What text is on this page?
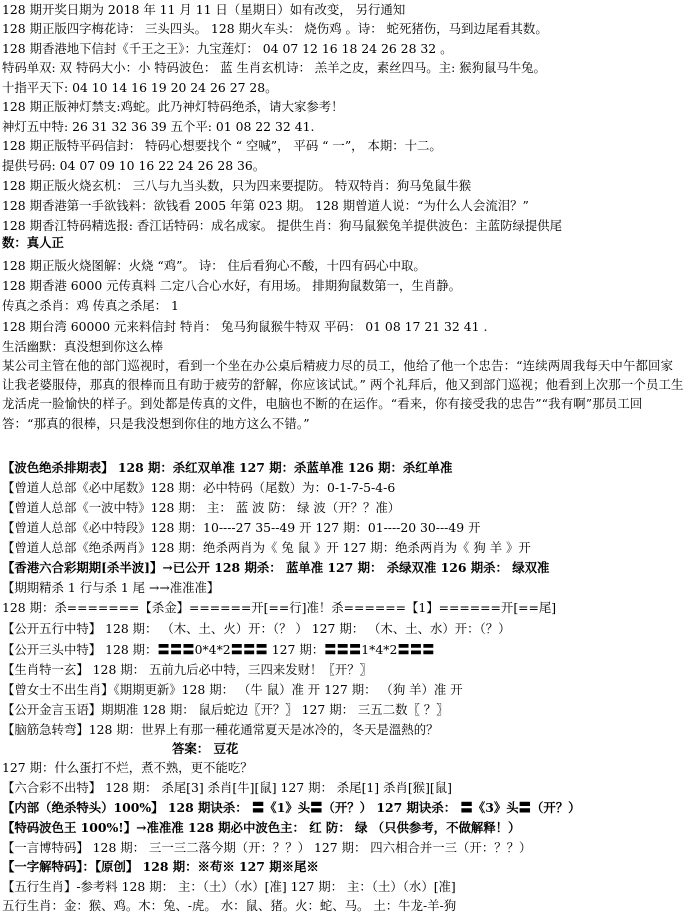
128 期开奖日期为 2018 年 11 月 11 日（星期日）如有改变， 另行通知
128 期正版四字梅花诗： 三头四头。 128 期火车头： 烧伤鸡 。诗： 蛇死猪伤，马到边尾看其数。
128 期香港地下信封《千王之王》：九宝莲灯： 04 07 12 16 18 24 26 28 32 。
特码单双: 双 特码大小：小 特码波色： 蓝 生肖玄机诗： 羔羊之皮，素丝四马。主: 猴狗鼠马牛兔。
十指平天下: 04 10 14 16 19 20 24 26 27 28。
128 期正版神灯禁支:鸡蛇。此乃神灯特码绝杀，请大家参考！
神灯五中特: 26 31 32 36 39 五个平: 01 08 22 32 41.
128 期正版特平码信封： 特码心想要找个 “ 空喊”， 平码 “ 一”， 本期：十二。
提供号码: 04 07 09 10 16 22 24 26 28 36。
128 期正版火烧玄机： 三八与九当头数，只为四来要提防。 特双特肖：狗马兔鼠牛猴
128 期香港第一手欲钱料：欲钱看 2005 年第 023 期。 128 期曾道人说：“为什么人会流泪？”
128 期香江特码精选报: 香江话特码：成名成家。 提供生肖：狗马鼠猴兔羊提供波色：主蓝防绿提供尾
数：真人正
128 期正版火烧图解：火烧 “鸡”。 诗： 住后看狗心不酸，十四有码心中取。
128 期香港 6000 元传真料 二定八合心水好，有用场。 排期狗鼠数第一，生肖静。
传真之杀肖：鸡 传真之杀尾： 1
128 期台湾 60000 元来料信封 特肖： 兔马狗鼠猴牛特双 平码： 01 08 17 21 32 41 .
生活幽默：真没想到你这么棒
某公司主管在他的部门巡视时，看到一个坐在办公桌后精疲力尽的员工，他给了他一个忠告：“连续两周我每天中午都回家让我老婆服侍，那真的很棒而且有助于疲劳的舒解，你应该试试。” 两个礼拜后，他又到部门巡视；他看到上次那一个员工生龙活虎一脸愉快的样子。到处都是传真的文件，电脑也不断的在运作。“看来，你有接受我的忠告”“我有啊”那员工回答：“那真的很棒，只是我没想到你住的地方这么不错。”
【波色绝杀排期表】 128 期：杀红双单准 127 期：杀蓝单准 126 期：杀红单准
【曾道人总部《必中尾数》128 期：必中特码（尾数）为：0-1-7-5-4-6
【曾道人总部《一波中特》128 期： 主： 蓝 波 防： 绿 波（开？？准）
【曾道人总部《必中特段》128 期：10----27 35--49 开 127 期：01----20 30---49 开
【曾道人总部《绝杀两肖》128 期：绝杀两肖为《 兔 鼠 》开 127 期：绝杀两肖为《 狗 羊 》开
【香港六合彩期期[杀半波]】→已公开 128 期杀： 蓝单准 127 期： 杀绿双准 126 期杀： 绿双准
【期期精杀 1 行与杀 1 尾 →→准准准】
128 期：杀=======【杀金】======开[==行]准！杀======【1】======开[==尾]
【公开五行中特】 128 期： （木、土、火）开：（？ ） 127 期： （木、土、水）开：（？）
【公开三头中特】 128 期：〓〓〓0*4*2〓〓〓 127 期：〓〓〓1*4*2〓〓〓
【生肖特一玄】 128 期： 五前九后必中特，三四来发财！〖开？〗
【曾女士不出生肖】《期期更新》128 期： （牛 鼠）准 开 127 期： （狗 羊）准 开
【公开金言玉语】期期准 128 期： 鼠后蛇边〖开？〗 127 期： 三五二数〖 ？〗
【脑筋急转弯】128 期：世界上有那一種花通常夏天是冰冷的，冬天是溫熱的？
答案： 豆花
127 期：什么蛋打不烂，煮不熟，更不能吃？
【六合彩不出特】 128 期： 杀尾[3] 杀肖[牛][鼠] 127 期： 杀尾[1] 杀肖[猴][鼠]
【内部（绝杀特头）100%】 128 期诀杀： 〓《1》头〓（开？） 127 期诀杀： 〓《3》头〓（开？）
【特码波色王 100%!】→准准准 128 期必中波色主： 红 防： 绿 （只供参考，不做解释！）
【一言博特码】 128 期： 三一三二落今期（开：？？） 127 期： 四六相合并一三（开：？？）
【一字解特码】：【原创】 128 期：※苟※ 127 期※尾※
【五行生肖】-参考料 128 期： 主：（土）（水）[准] 127 期： 主：（土）（水）[准]
五行生肖：金：猴、鸡。木：兔、-虎。 水：鼠、猪。火：蛇、马。 土：牛龙-羊-狗
